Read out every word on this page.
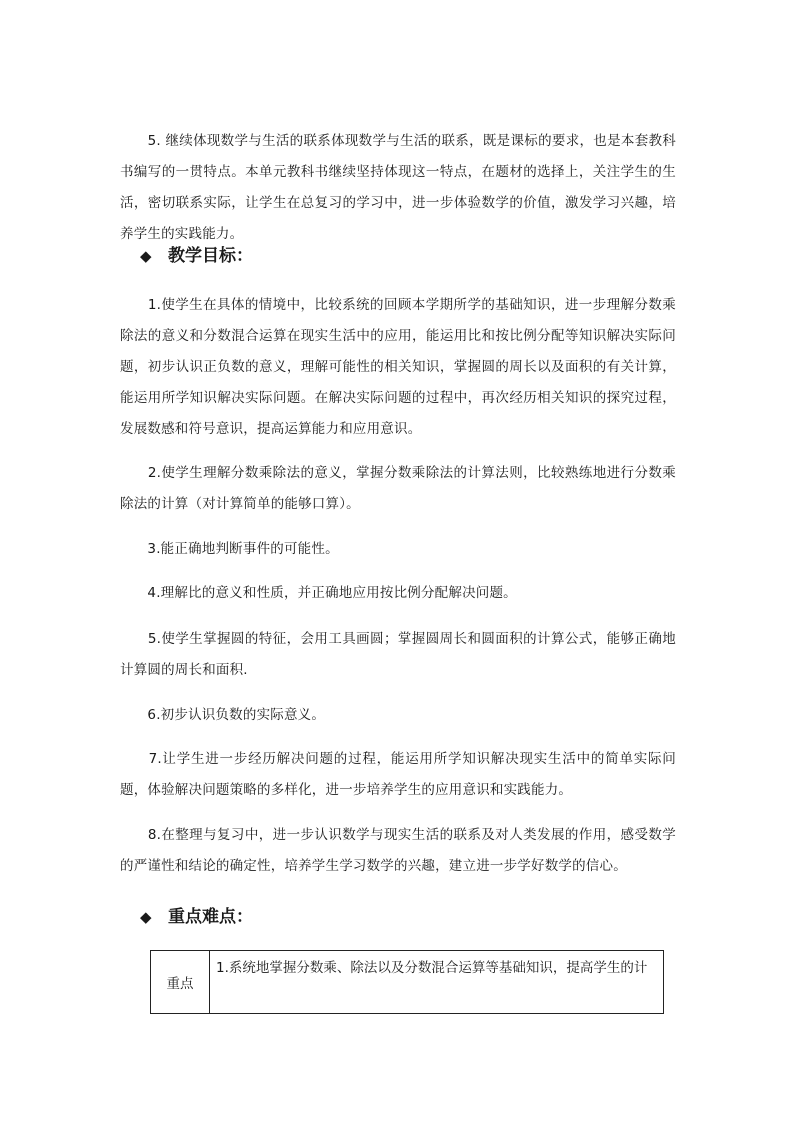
　　5. 继续体现数学与生活的联系体现数学与生活的联系，既是课标的要求，也是本套教科书编写的一贯特点。本单元教科书继续坚持体现这一特点，在题材的选择上，关注学生的生活，密切联系实际，让学生在总复习的学习中，进一步体验数学的价值，激发学习兴趣，培养学生的实践能力。

◆ 教学目标：

　　1.使学生在具体的情境中，比较系统的回顾本学期所学的基础知识，进一步理解分数乘除法的意义和分数混合运算在现实生活中的应用，能运用比和按比例分配等知识解决实际问题，初步认识正负数的意义，理解可能性的相关知识，掌握圆的周长以及面积的有关计算，能运用所学知识解决实际问题。在解决实际问题的过程中，再次经历相关知识的探究过程，发展数感和符号意识，提高运算能力和应用意识。

　　2.使学生理解分数乘除法的意义，掌握分数乘除法的计算法则，比较熟练地进行分数乘除法的计算（对计算简单的能够口算）。

　　3.能正确地判断事件的可能性。

　　4.理解比的意义和性质，并正确地应用按比例分配解决问题。

　　5.使学生掌握圆的特征，会用工具画圆；掌握圆周长和圆面积的计算公式，能够正确地计算圆的周长和面积.

　　6.初步认识负数的实际意义。

　　7.让学生进一步经历解决问题的过程，能运用所学知识解决现实生活中的简单实际问题，体验解决问题策略的多样化，进一步培养学生的应用意识和实践能力。

　　8.在整理与复习中，进一步认识数学与现实生活的联系及对人类发展的作用，感受数学的严谨性和结论的确定性，培养学生学习数学的兴趣，建立进一步学好数学的信心。

◆ 重点难点：
重点	1.系统地掌握分数乘、除法以及分数混合运算等基础知识，提高学生的计
